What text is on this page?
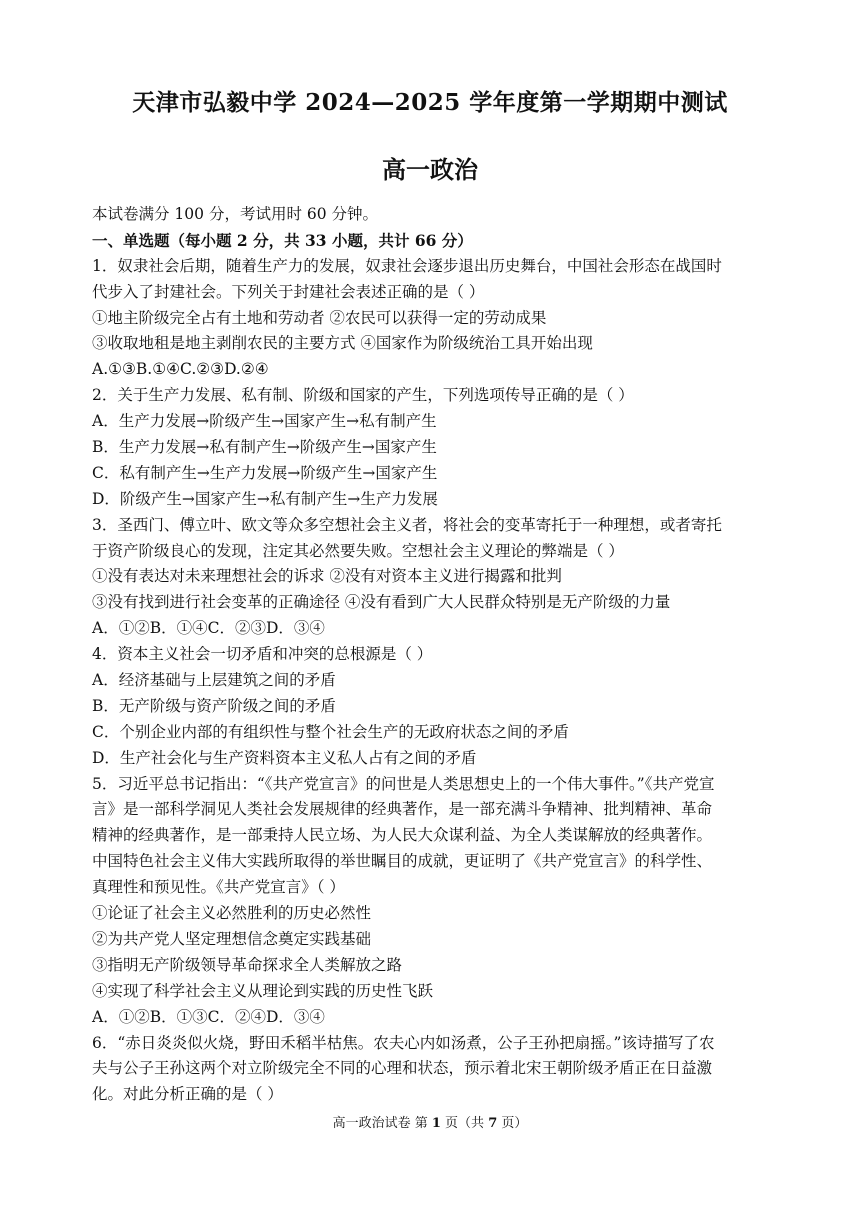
天津市弘毅中学 2024—2025 学年度第一学期期中测试
高一政治
本试卷满分 100 分，考试用时 60 分钟。
一、单选题（每小题 2 分，共 33 小题，共计 66 分）
1．奴隶社会后期，随着生产力的发展，奴隶社会逐步退出历史舞台，中国社会形态在战国时
代步入了封建社会。下列关于封建社会表述正确的是（ ）
①地主阶级完全占有土地和劳动者 ②农民可以获得一定的劳动成果
③收取地租是地主剥削农民的主要方式 ④国家作为阶级统治工具开始出现
A.①③ B.①④ C.②③ D.②④
2．关于生产力发展、私有制、阶级和国家的产生，下列选项传导正确的是（ ）
A．生产力发展→阶级产生→国家产生→私有制产生
B．生产力发展→私有制产生→阶级产生→国家产生
C．私有制产生→生产力发展→阶级产生→国家产生
D．阶级产生→国家产生→私有制产生→生产力发展
3．圣西门、傅立叶、欧文等众多空想社会主义者，将社会的变革寄托于一种理想，或者寄托
于资产阶级良心的发现，注定其必然要失败。空想社会主义理论的弊端是（ ）
①没有表达对未来理想社会的诉求 ②没有对资本主义进行揭露和批判
③没有找到进行社会变革的正确途径 ④没有看到广大人民群众特别是无产阶级的力量
A．①② B．①④ C．②③ D．③④
4．资本主义社会一切矛盾和冲突的总根源是（ ）
A．经济基础与上层建筑之间的矛盾
B．无产阶级与资产阶级之间的矛盾
C．个别企业内部的有组织性与整个社会生产的无政府状态之间的矛盾
D．生产社会化与生产资料资本主义私人占有之间的矛盾
5．习近平总书记指出：“《共产党宣言》的问世是人类思想史上的一个伟大事件。”《共产党宣
言》是一部科学洞见人类社会发展规律的经典著作，是一部充满斗争精神、批判精神、革命
精神的经典著作，是一部秉持人民立场、为人民大众谋利益、为全人类谋解放的经典著作。
中国特色社会主义伟大实践所取得的举世瞩目的成就，更证明了《共产党宣言》的科学性、
真理性和预见性。《共产党宣言》（ ）
①论证了社会主义必然胜利的历史必然性
②为共产党人坚定理想信念奠定实践基础
③指明无产阶级领导革命探求全人类解放之路
④实现了科学社会主义从理论到实践的历史性飞跃
A．①② B．①③ C．②④ D．③④
6．“赤日炎炎似火烧，野田禾稻半枯焦。农夫心内如汤煮，公子王孙把扇摇。”该诗描写了农
夫与公子王孙这两个对立阶级完全不同的心理和状态，预示着北宋王朝阶级矛盾正在日益激
化。对此分析正确的是（ ）
高一政治试卷 第 1 页（共 7 页）
